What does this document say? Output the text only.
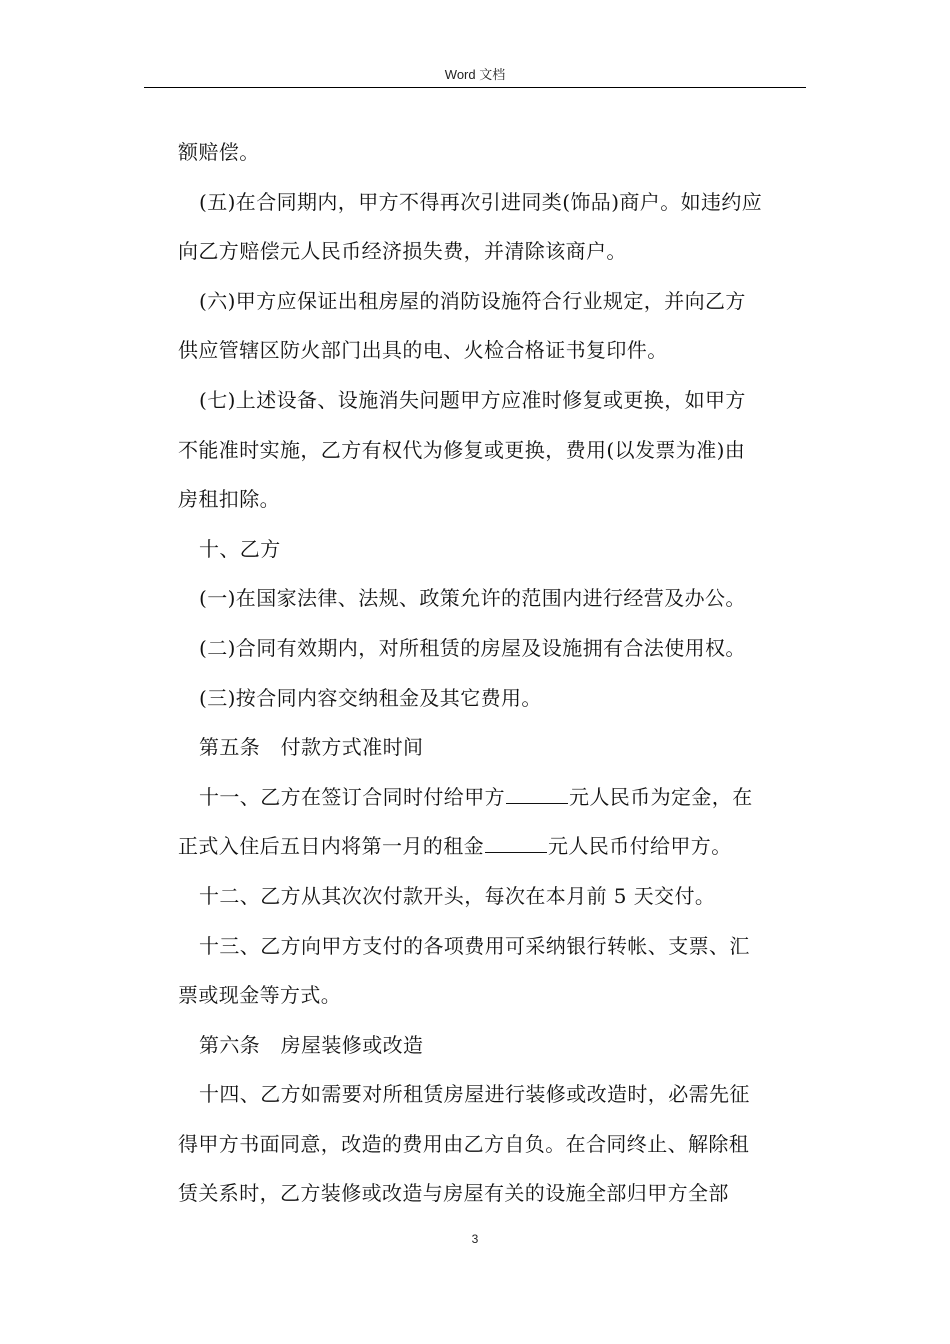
Word 文档
额赔偿。
(五)在合同期内，甲方不得再次引进同类(饰品)商户。如违约应
向乙方赔偿元人民币经济损失费，并清除该商户。
(六)甲方应保证出租房屋的消防设施符合行业规定，并向乙方
供应管辖区防火部门出具的电、火检合格证书复印件。
(七)上述设备、设施消失问题甲方应准时修复或更换，如甲方
不能准时实施，乙方有权代为修复或更换，费用(以发票为准)由
房租扣除。
十、乙方
(一)在国家法律、法规、政策允许的范围内进行经营及办公。
(二)合同有效期内，对所租赁的房屋及设施拥有合法使用权。
(三)按合同内容交纳租金及其它费用。
第五条　付款方式准时间
十一、乙方在签订合同时付给甲方	元人民币为定金，在
正式入住后五日内将第一月的租金	元人民币付给甲方。
十二、乙方从其次次付款开头，每次在本月前 5 天交付。
十三、乙方向甲方支付的各项费用可采纳银行转帐、支票、汇
票或现金等方式。
第六条　房屋装修或改造
十四、乙方如需要对所租赁房屋进行装修或改造时，必需先征
得甲方书面同意，改造的费用由乙方自负。在合同终止、解除租
赁关系时，乙方装修或改造与房屋有关的设施全部归甲方全部
3
